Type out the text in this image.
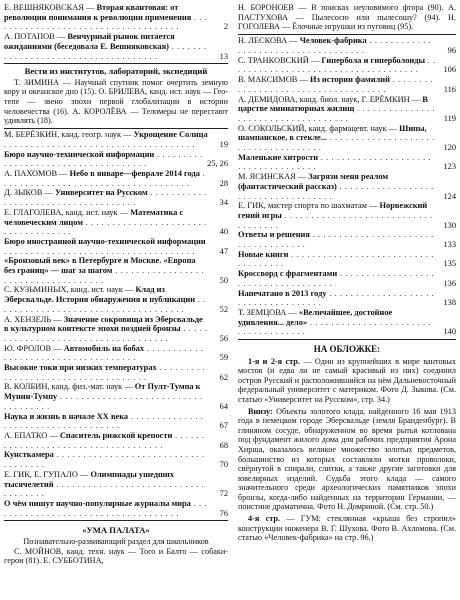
Е. ВЕШНЯКОВСКАЯ — Вторая квантовая: от революции понимания к революции применения . . .
2
А. ПОТАПОВ — Венчурный рынок питается ожиданиями (беседовала Е. Вешняковская) . . .
13
Вести из институтов, лабораторий, экспедиций
Т. ЗИМИНА — Научный спутник помог очертить земную кору и океанское дно (15). О. БРИЛЕВА, канд. ист. наук — Гео-тепе — звено эпохи первой глобализации в истории человечества (16). А. КОРОЛЁВА — Теломеры не перестают удивлять (18).
М. БЕРЁЗКИН, канд. геогр. наук — Укрощение Солнца . . .
19
Бюро научно-технической информации . . .
25, 26
А. ПАХОМОВ — Небо в январе—феврале 2014 года . . .
28
Д. ЗЫКОВ — Университет на Русском . . .
34
Е. ГЛАГОЛЕВА, канд. ист. наук — Математика с человеческим лицом . . .
40
Бюро иностранной научно-технической информации . . .
47
«Бронзовый век» в Петербурге и Москве. «Европа без границ» — шаг за шагом . . .
50
С. КУЗЬМИНЫХ, канд. ист. наук — Клад из Эберсвальде. История обнаружения и публикации . . .
52
А. ХЕНЗЕЛЬ — Значение сокровища из Эберсвальде в культурном контексте эпохи поздней бронзы . . .
56
Ю. ФРОЛОВ — Автомобиль на бобах . . .
59
Высокие токи при низких температурах . . .
62
В. КОЛБИН, канд. физ.-мат. наук — От Пулт-Тумпа к Мунин-Тумпу . . .
64
Наука и жизнь в начале ХХ века . . .
67
А. ЕПАТКО — Спаситель рижской крепости . . .
68
Кунсткамера . . .
70
Е. ГИК, Е. ГУПАЛО — Олимпиады ушедших тысячелетий . . .
72
О чём пишут научно-популярные журналы мира . . .
76
«УМА ПАЛАТА»
Познавательно-развивающий раздел для школьников
С. МОЙНОВ, канд. техн. наук — Того и Балто — собаки-герои (81). Е. СУББОТИНА,
Н. БОРОНОЕВ — В поисках неуловимого фтора (90). А. ПАСТУХОВА — Пылесосю или пылесошу? (94). Н. ГОГОЛЕВА — Ёлочные игрушки из пуговиц (95).
Н. ЛЕСКОВА — Человек-фабрика . . .
96
С. ТРАНКОВСКИЙ — Гипербола и гиперболоиды . . .
106
В. МАКСИМОВ — Из истории фамилий . . .
116
А. ДЕМИДОВА, канд. биол. наук, Г. ЕРЁМКИН — В царстве миниатюрных жилищ . . .
119
О. СОКОЛЬСКИЙ, канд. фармацевт. наук — Шипы, шампанское, в стекле... . . .
120
Маленькие хитрости . . .
123
М. ЯСИНСКАЯ — Загрязи меня реалом (фантастический рассказ) . . .
124
Е. ГИК, мастер спорта по шахматам — Норвежский гений игры . . .
130
Ответы и решения . . .
133
Новые книги . . .
135
Кроссворд с фрагментами . . .
136
Напечатано в 2013 году . . .
138
Т. ЗЕМЦОВА — «Величайшее, достойное удивления... дело» . . .
140
НА ОБЛОЖКЕ:

1-я и 2-я стр. — Один из крупнейших в мире вантовых мостов (и едва ли не самый красивый из них) соединил остров Русский и расположившийся на нём Дальневосточный федеральный университет с материком. Фото Д. Зыкова. (См. статью «Университет на Русском», стр. 34.)

Внизу: Объекты золотого клада, найденного 16 мая 1913 года в немецком городе Эберсвальде (земля Бранденбург). В глиняном сосуде, обнаруженном во время рытья котлована под фундамент жилого дома для рабочих предприятия Арона Хирша, оказалось великое множество золотых предметов, большинство из которых составляли мотки проволоки, свёрнутой в спирали, слитки, а также другие заготовки для ювелирных изделий. Судьба этого клада — самого значительного среди археологических памятников эпохи бронзы, когда-либо найденных на территории Германии, — поистине драматична. Фото Н. Домриной. (См. стр. 50.)

4-я стр. — ГУМ: стеклянная «крыша без стропил» конструкции инженера В. Г. Шухова. Фото В. Ахломова. (См. статью «Человек-фабрика» на стр. 96.)
